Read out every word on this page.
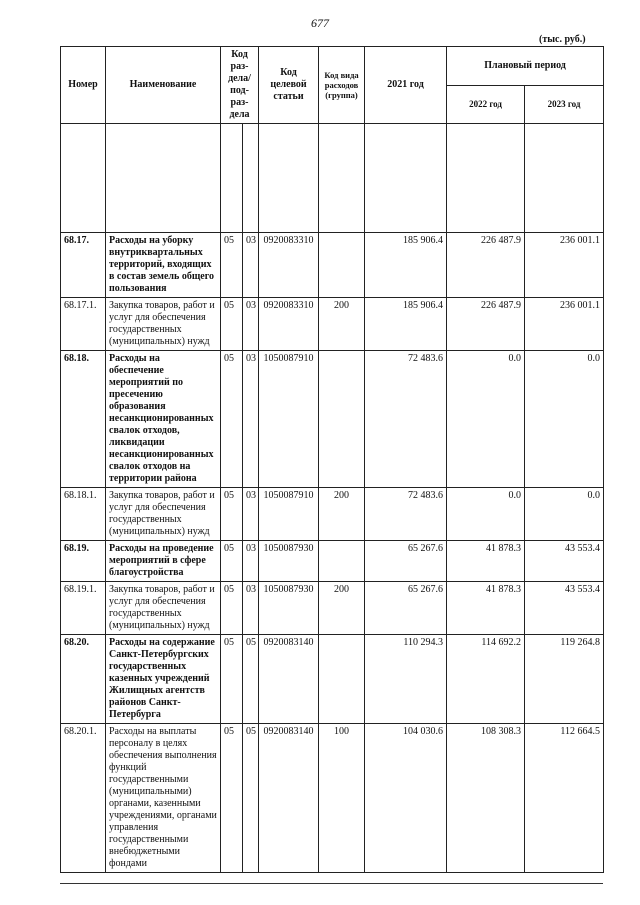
677
(тыс. руб.)
Номер	Наименование	Код раз-дела/ под-раз-дела		Код целевой статьи	Код вида расходов (группа)	2021 год	Плановый период	
							2022 год	2023 год

68.17.	Расходы на уборку внутриквартальных территорий, входящих в состав земель общего пользования	05	03	0920083310		185 906.4	226 487.9	236 001.1
68.17.1.	Закупка товаров, работ и услуг для обеспечения государственных (муниципальных) нужд	05	03	0920083310	200	185 906.4	226 487.9	236 001.1
68.18.	Расходы на обеспечение мероприятий по пресечению образования несанкционированных свалок отходов, ликвидации несанкционированных свалок отходов на территории района	05	03	1050087910		72 483.6	0.0	0.0
68.18.1.	Закупка товаров, работ и услуг для обеспечения государственных (муниципальных) нужд	05	03	1050087910	200	72 483.6	0.0	0.0
68.19.	Расходы на проведение мероприятий в сфере благоустройства	05	03	1050087930		65 267.6	41 878.3	43 553.4
68.19.1.	Закупка товаров, работ и услуг для обеспечения государственных (муниципальных) нужд	05	03	1050087930	200	65 267.6	41 878.3	43 553.4
68.20.	Расходы на содержание Санкт-Петербургских государственных казенных учреждений Жилищных агентств районов Санкт-Петербурга	05	05	0920083140		110 294.3	114 692.2	119 264.8
68.20.1.	Расходы на выплаты персоналу в целях обеспечения выполнения функций государственными (муниципальными) органами, казенными учреждениями, органами управления государственными внебюджетными фондами	05	05	0920083140	100	104 030.6	108 308.3	112 664.5
